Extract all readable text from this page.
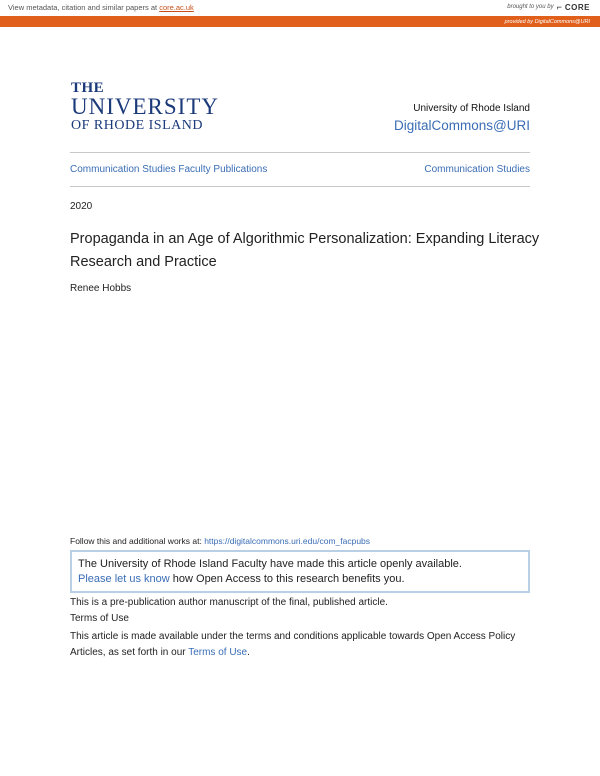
View metadata, citation and similar papers at core.ac.uk	brought to you by ⌐ CORE
provided by DigitalCommons@URI
THE
UNIVERSITY
OF RHODE ISLAND
University of Rhode Island
DigitalCommons@URI
Communication Studies Faculty Publications	Communication Studies
2020
Propaganda in an Age of Algorithmic Personalization: Expanding Literacy Research and Practice
Renee Hobbs
Follow this and additional works at: https://digitalcommons.uri.edu/com_facpubs
The University of Rhode Island Faculty have made this article openly available.
Please let us know how Open Access to this research benefits you.
This is a pre-publication author manuscript of the final, published article.
Terms of Use
This article is made available under the terms and conditions applicable towards Open Access Policy Articles, as set forth in our Terms of Use.
